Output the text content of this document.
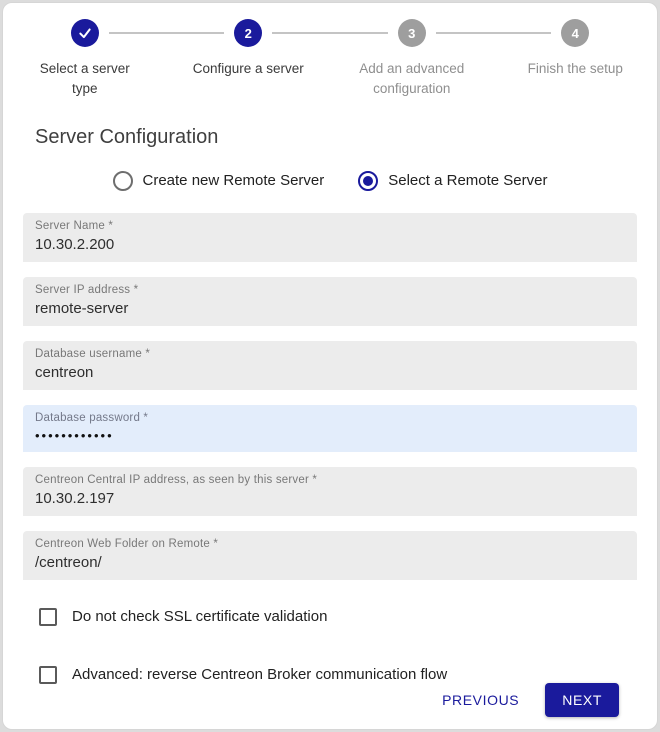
2	3	4
Select a server type
Configure a server	Add an advanced configuration
Finish the setup
Server Configuration
Create new Remote Server	Select a Remote Server
Server Name *
10.30.2.200
Server IP address *
remote-server
Database username *
centreon
Database password *
••••••••••••
Centreon Central IP address, as seen by this server *
10.30.2.197
Centreon Web Folder on Remote *
/centreon/
Do not check SSL certificate validation
Advanced: reverse Centreon Broker communication flow
PREVIOUS	NEXT
